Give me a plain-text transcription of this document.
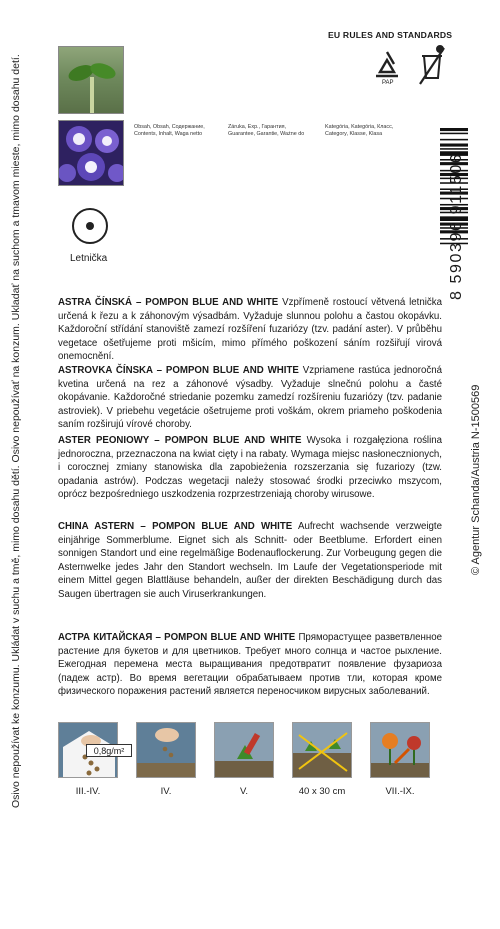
Osivo nepoužívat ke konzumu. Ukládat v suchu a tmě, mimo dosahu dětí. Osivo nepoužívať na konzum. Ukladať na suchom a tmavom mieste, mimo dosahu detí.	© Agentur Schanda/Austria N-1500569
Letnička
Obsah, Obsah, Содержание,
Contents, Inhalt, Waga netto
Záruka, Exp., Гарантия,
Guarantee, Garantie, Ważne do
Kategória, Kategória, Класс,
Category, Klasse, Klasa
EU RULES AND STANDARDS
PAP
8 590396 911506
ASTRA ČÍNSKÁ – POMPON BLUE AND WHITE Vzpřímeně rostoucí větvená letnička určená k řezu a k záhonovým výsadbám. Vyžaduje slunnou polohu a častou okopávku. Každoroční střídání stanoviště zamezí rozšíření fuzariózy (tzv. padání aster). V průběhu vegetace ošetřujeme proti mšicím, mimo přímého poškození sáním rozšiřují virová onemocnění.
ASTROVKA ČÍNSKA – POMPON BLUE AND WHITE Vzpriamene rastúca jednoročná kvetina určená na rez a záhonové výsadby. Vyžaduje slnečnú polohu a časté okopávanie. Každoročné striedanie pozemku zamedzí rozšíreniu fuzariózy (tzv. padanie astroviek). V priebehu vegetácie ošetrujeme proti voškám, okrem priameho poškodenia saním rozširujú vírové choroby.
ASTER PEONIOWY – POMPON BLUE AND WHITE Wysoka i rozgałęziona roślina jednoroczna, przeznaczona na kwiat cięty i na rabaty. Wymaga miejsc nasłonecznionych, i corocznej zmiany stanowiska dla zapobieżenia rozszerzania się fuzariozy (tzw. opadania astrów). Podczas wegetacji należy stosować środki przeciwko mszycom, oprócz bezpośredniego uszkodzenia rozprzestrzeniają choroby wirusowe.
CHINA ASTERN – POMPON BLUE AND WHITE Aufrecht wachsende verzweigte einjährige Sommerblume. Eignet sich als Schnitt- oder Beetblume. Erfordert einen sonnigen Standort und eine regelmäßige Bodenauflockerung. Zur Vorbeugung gegen die Asternwelke jedes Jahr den Standort wechseln. Im Laufe der Vegetationsperiode mit einem Mittel gegen Blattläuse behandeln, außer der direkten Beschädigung durch das Saugen übertragen sie auch Viruserkrankungen.
АСТРА КИТАЙСКАЯ – POMPON BLUE AND WHITE Пряморастущее разветвленное растение для букетов и для цветников. Требует много солнца и частое рыхление. Ежегодная перемена места выращивания предотвратит появление фузариоза (падеж астр). Во время вегетации обрабатываем против тли, которая кроме физического поражения растений является переносчиком вирусных заболеваний.
III.-IV.	IV.	V.	40 x 30 cm	VII.-IX.
0,8g/m²
